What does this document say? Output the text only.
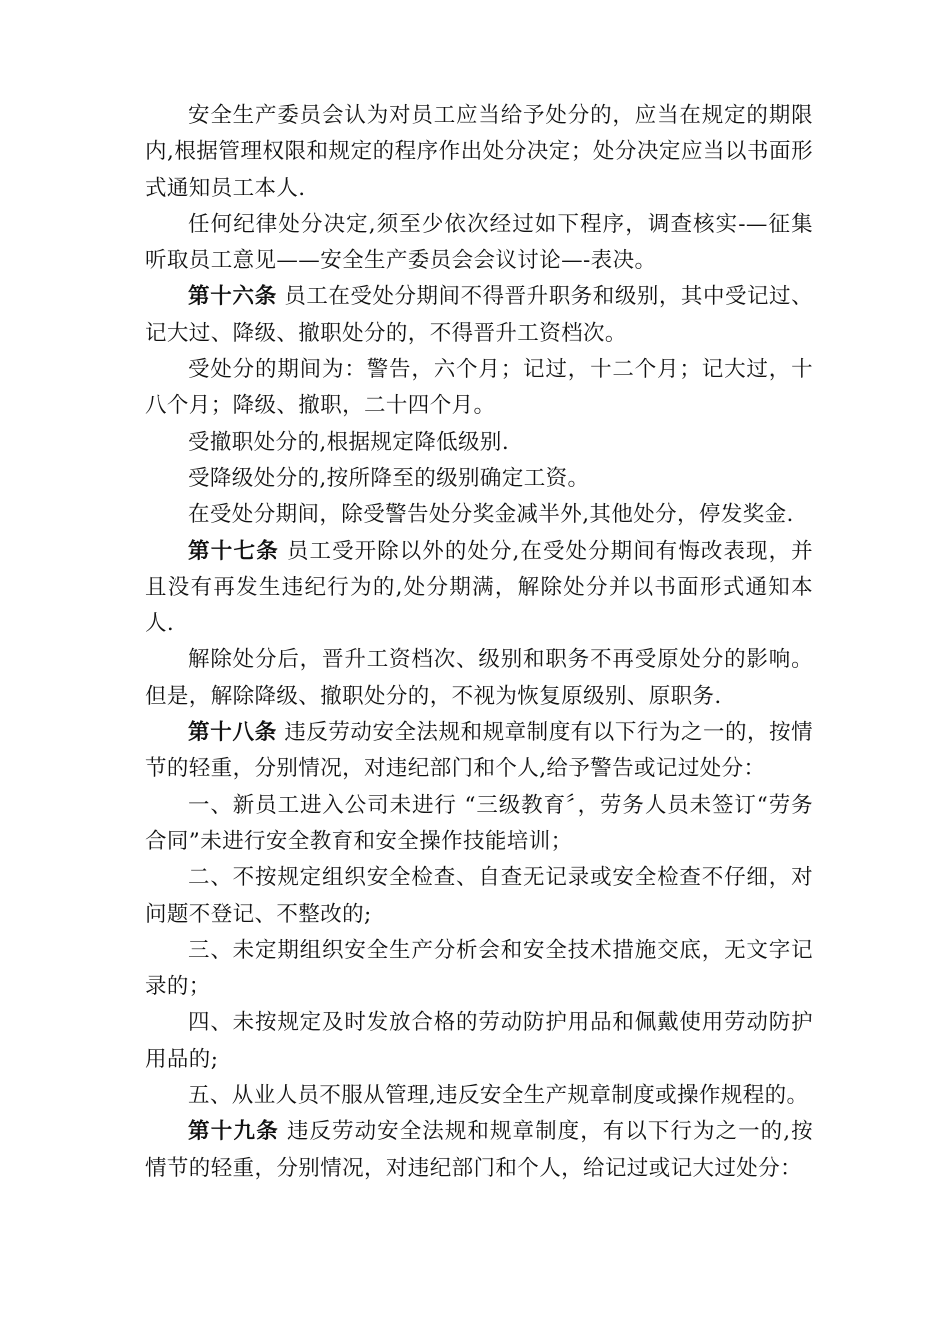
安全生产委员会认为对员工应当给予处分的，应当在规定的期限内,根据管理权限和规定的程序作出处分决定；处分决定应当以书面形式通知员工本人.

任何纪律处分决定,须至少依次经过如下程序，调查核实-—征集听取员工意见——安全生产委员会会议讨论—-表决。

第十六条 员工在受处分期间不得晋升职务和级别，其中受记过、记大过、降级、撤职处分的，不得晋升工资档次。

受处分的期间为：警告，六个月；记过，十二个月；记大过，十八个月；降级、撤职，二十四个月。

受撤职处分的,根据规定降低级别.

受降级处分的,按所降至的级别确定工资。

在受处分期间，除受警告处分奖金减半外,其他处分，停发奖金.

第十七条 员工受开除以外的处分,在受处分期间有悔改表现，并且没有再发生违纪行为的,处分期满，解除处分并以书面形式通知本人.

解除处分后，晋升工资档次、级别和职务不再受原处分的影响。但是，解除降级、撤职处分的，不视为恢复原级别、原职务.

第十八条 违反劳动安全法规和规章制度有以下行为之一的，按情节的轻重，分别情况，对违纪部门和个人,给予警告或记过处分：

一、新员工进入公司未进行 “三级教育〞，劳务人员未签订“劳务合同”未进行安全教育和安全操作技能培训；

二、不按规定组织安全检查、自查无记录或安全检查不仔细，对问题不登记、不整改的;

三、未定期组织安全生产分析会和安全技术措施交底，无文字记录的；

四、未按规定及时发放合格的劳动防护用品和佩戴使用劳动防护用品的;

五、从业人员不服从管理,违反安全生产规章制度或操作规程的。

第十九条 违反劳动安全法规和规章制度，有以下行为之一的,按情节的轻重，分别情况，对违纪部门和个人，给记过或记大过处分：
